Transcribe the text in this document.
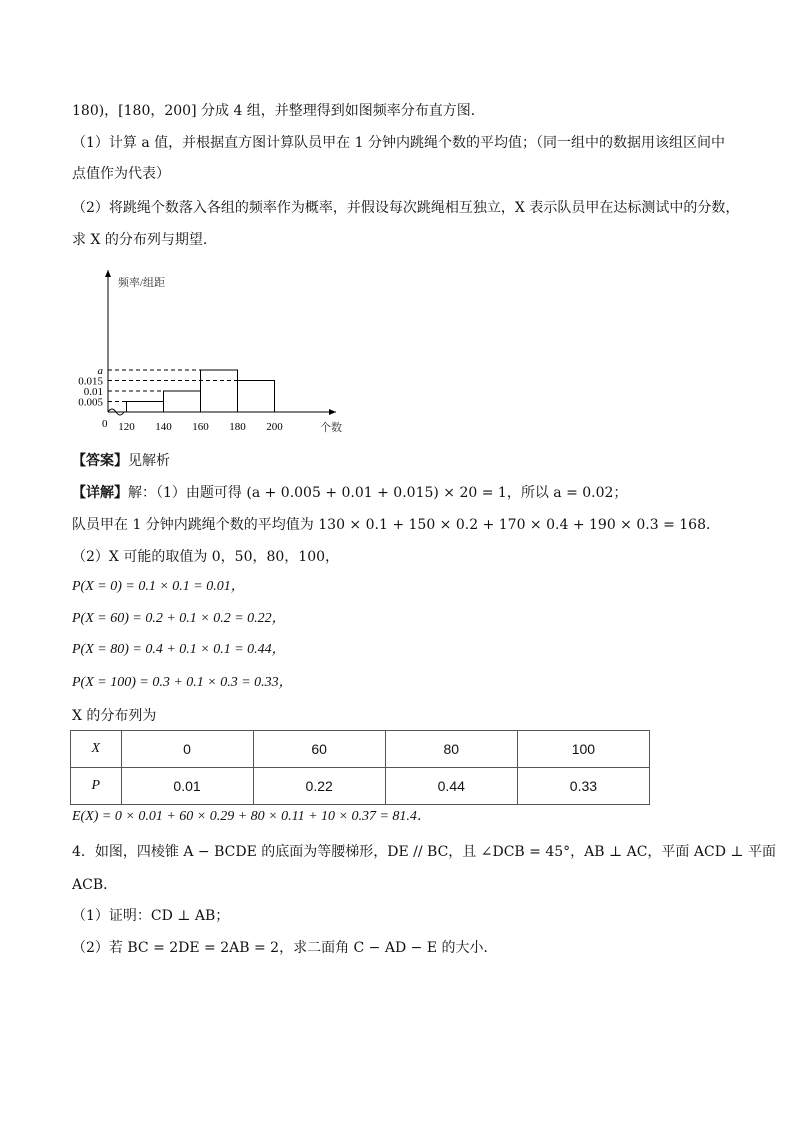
180)，[180，200] 分成 4 组，并整理得到如图频率分布直方图．
（1）计算 a 值，并根据直方图计算队员甲在 1 分钟内跳绳个数的平均值；（同一组中的数据用该组区间中
点值作为代表）
（2）将跳绳个数落入各组的频率作为概率，并假设每次跳绳相互独立，X 表示队员甲在达标测试中的分数，
求 X 的分布列与期望．
频率/组距
个数
0
0.005
0.01
0.015
a
120 140 160 180 200
【答案】见解析
【详解】解：（1）由题可得 (a + 0.005 + 0.01 + 0.015) × 20 = 1，所以 a = 0.02；
队员甲在 1 分钟内跳绳个数的平均值为 130 × 0.1 + 150 × 0.2 + 170 × 0.4 + 190 × 0.3 = 168．
（2）X 可能的取值为 0，50，80，100，
P(X = 0) = 0.1 × 0.1 = 0.01，
P(X = 60) = 0.2 + 0.1 × 0.2 = 0.22，
P(X = 80) = 0.4 + 0.1 × 0.1 = 0.44，
P(X = 100) = 0.3 + 0.1 × 0.3 = 0.33，
X 的分布列为
X	0	60	80	100
P	0.01	0.22	0.44	0.33
E(X) = 0 × 0.01 + 60 × 0.29 + 80 × 0.11 + 10 × 0.37 = 81.4．
4．如图，四棱锥 A − BCDE 的底面为等腰梯形，DE // BC，且 ∠DCB = 45°，AB ⊥ AC，平面 ACD ⊥ 平面
ACB．
（1）证明：CD ⊥ AB；
（2）若 BC = 2DE = 2AB = 2，求二面角 C − AD − E 的大小．
